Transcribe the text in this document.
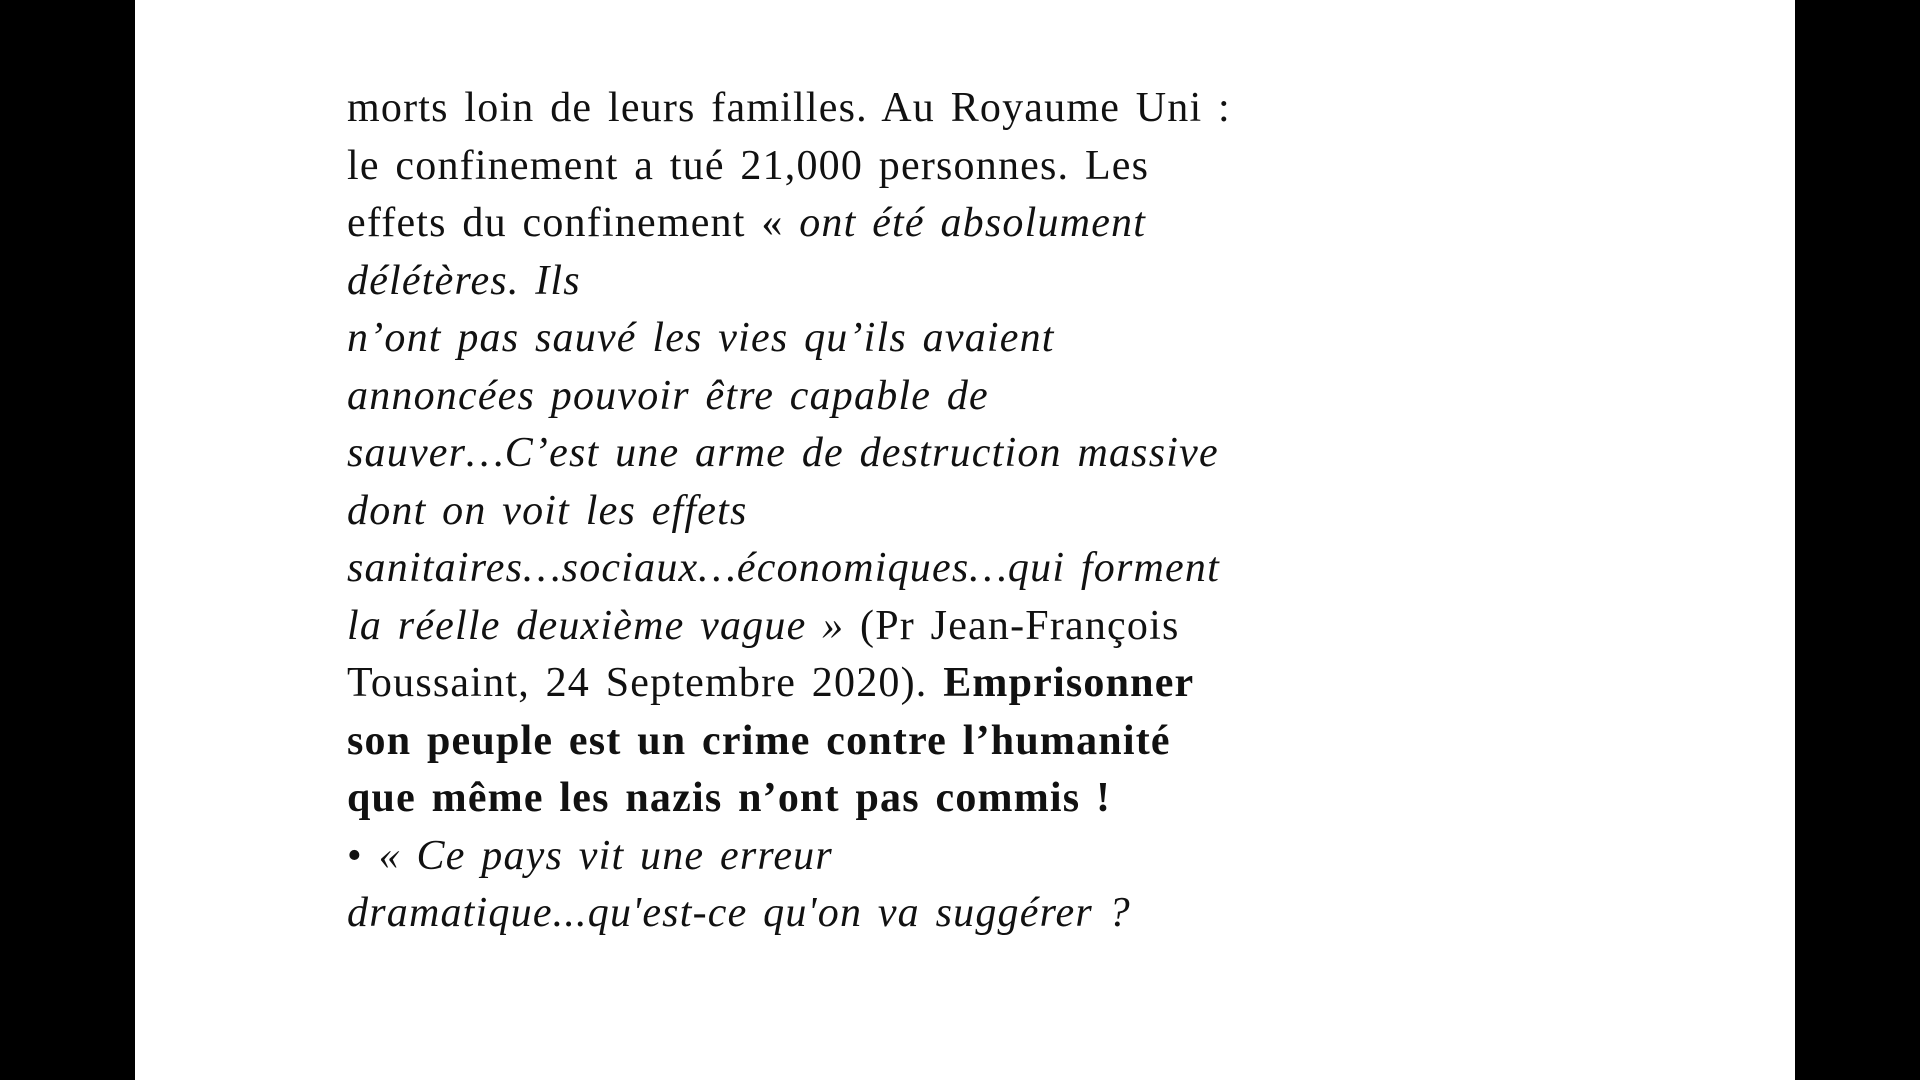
morts loin de leurs familles. Au Royaume Uni :
le confinement a tué 21,000 personnes. Les
effets du confinement « ont été absolument
délétères. Ils
n’ont pas sauvé les vies qu’ils avaient
annoncées pouvoir être capable de
sauver…C’est une arme de destruction massive
dont on voit les effets
sanitaires…sociaux…économiques…qui forment
la réelle deuxième vague » (Pr Jean-François
Toussaint, 24 Septembre 2020). Emprisonner
son peuple est un crime contre l’humanité
que même les nazis n’ont pas commis !
• « Ce pays vit une erreur
dramatique...qu'est-ce qu'on va suggérer ?
